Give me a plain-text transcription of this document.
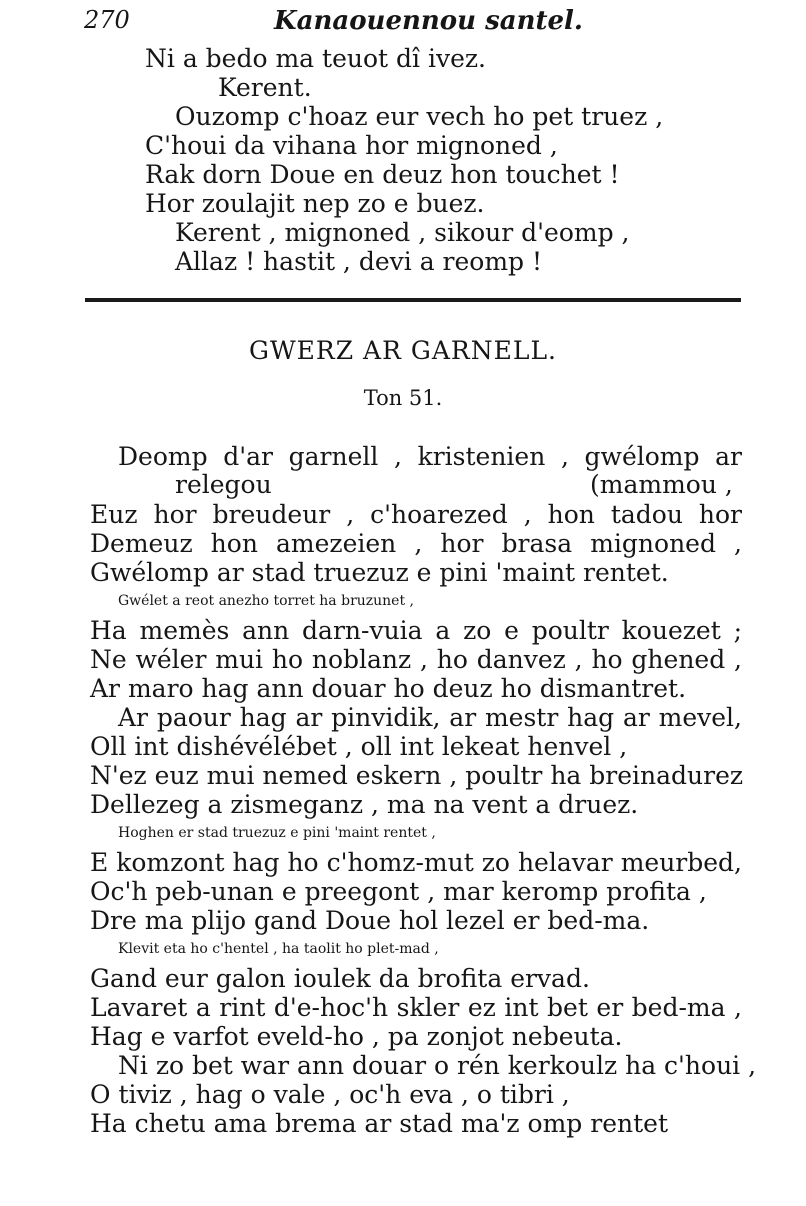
270	Kanaouennou santel.
Ni a bedo ma teuot dî ivez.
Kerent.
Ouzomp c'hoaz eur vech ho pet truez ,
C'houi da vihana hor mignoned ,
Rak dorn Doue en deuz hon touchet !
Hor zoulajit nep zo e buez.
Kerent , mignoned , sikour d'eomp ,
Allaz ! hastit , devi a reomp !
GWERZ AR GARNELL.
Ton 51.
Deomp d'ar garnell , kristenien , gwélomp ar
relegou	(mammou ,
Euz hor breudeur , c'hoarezed , hon tadou hor
Demeuz hon amezeien , hor brasa mignoned ,
Gwélomp ar stad truezuz e pini 'maint rentet.
Gwélet a reot anezho torret ha bruzunet ,
Ha memès ann darn-vuia a zo e poultr kouezet ;
Ne wéler mui ho noblanz , ho danvez , ho ghened ,
Ar maro hag ann douar ho deuz ho dismantret.
Ar paour hag ar pinvidik, ar mestr hag ar mevel,
Oll int dishévélébet , oll int lekeat henvel ,
N'ez euz mui nemed eskern , poultr ha breinadurez
Dellezeg a zismeganz , ma na vent a druez.
Hoghen er stad truezuz e pini 'maint rentet ,
E komzont hag ho c'homz-mut zo helavar meurbed,
Oc'h peb-unan e preegont , mar keromp profita ,
Dre ma plijo gand Doue hol lezel er bed-ma.
Klevit eta ho c'hentel , ha taolit ho plet-mad ,
Gand eur galon ioulek da brofita ervad.
Lavaret a rint d'e-hoc'h skler ez int bet er bed-ma ,
Hag e varfot eveld-ho , pa zonjot nebeuta.
Ni zo bet war ann douar o rén kerkoulz ha c'houi ,
O tiviz , hag o vale , oc'h eva , o tibri ,
Ha chetu ama brema ar stad ma'z omp rentet
